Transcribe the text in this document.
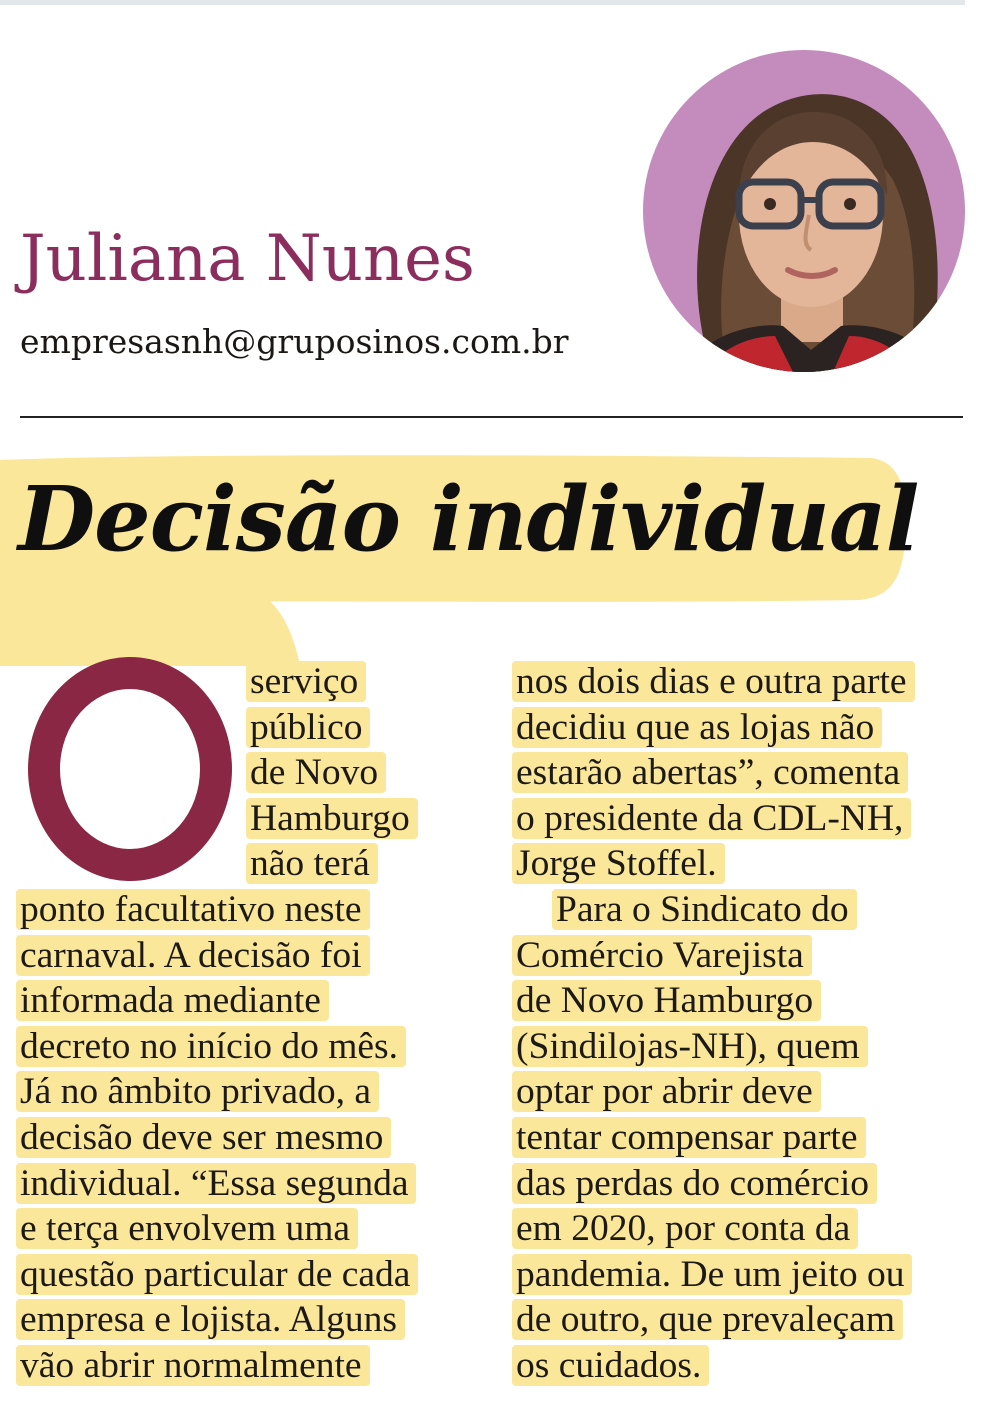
Juliana Nunes
empresasnh@gruposinos.com.br
Decisão individual
serviço
público
de Novo
Hamburgo
não terá
ponto facultativo neste
carnaval. A decisão foi
informada mediante
decreto no início do mês.
Já no âmbito privado, a
decisão deve ser mesmo
individual. “Essa segunda
e terça envolvem uma
questão particular de cada
empresa e lojista. Alguns
vão abrir normalmente
nos dois dias e outra parte
decidiu que as lojas não
estarão abertas”, comenta
o presidente da CDL-NH,
Jorge Stoffel.
Para o Sindicato do
Comércio Varejista
de Novo Hamburgo
(Sindilojas-NH), quem
optar por abrir deve
tentar compensar parte
das perdas do comércio
em 2020, por conta da
pandemia. De um jeito ou
de outro, que prevaleçam
os cuidados.
